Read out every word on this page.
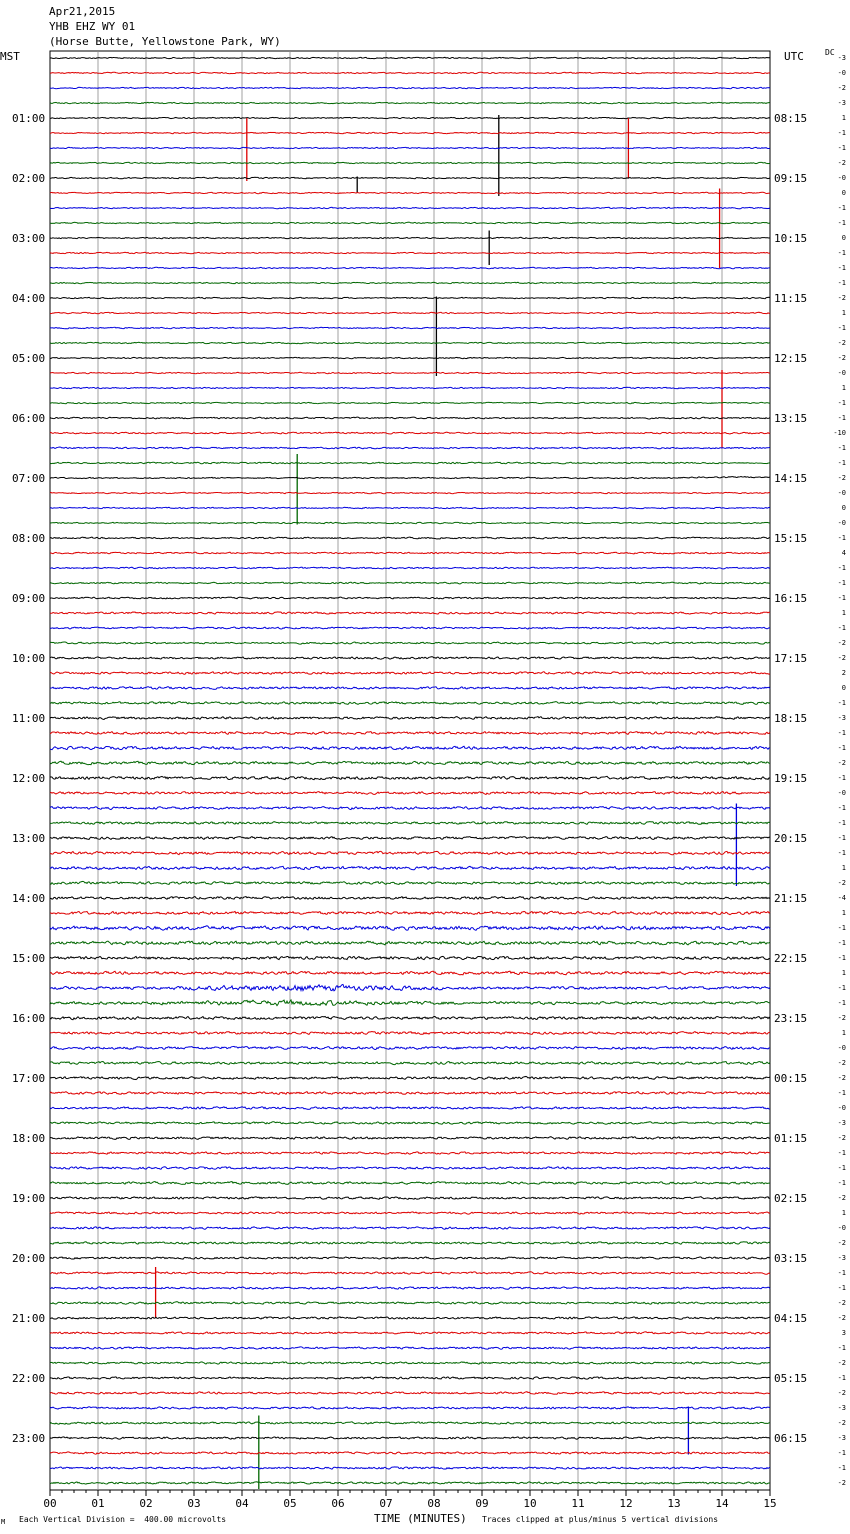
01:00
02:00
03:00
04:00
05:00
06:00
07:00
08:00
09:00
10:00
11:00
12:00
13:00
14:00
15:00
16:00
17:00
18:00
19:00
20:00
21:00
22:00
23:00
08:15
09:15
10:15
11:15
12:15
13:15
14:15
15:15
16:15
17:15
18:15
19:15
20:15
21:15
22:15
23:15
00:15
01:15
02:15
03:15
04:15
05:15
06:15
-3
-0
-2
-3
1
-1
-1
-2
-0
0
-1
-1
0
-1
-1
-1
-2
1
-1
-2
-2
-0
1
-1
-1
-10
-1
-1
-2
-0
0
-0
-1
4
-1
-1
-1
1
-1
-2
-2
2
0
-1
-3
-1
-1
-2
-1
-0
-1
-1
-1
-1
1
-2
-4
1
-1
-1
-1
1
-1
-1
-2
1
-0
-2
-2
-1
-0
-3
-2
-1
-1
-1
-2
1
-0
-2
-3
-1
-1
-2
-2
3
-1
-2
-1
-2
-3
-2
-3
-1
-1
-2
00	01	02	03	04	05	06	07	08	09	10	11	12	13	14	15
Apr21,2015
YHB EHZ WY 01
(Horse Butte, Yellowstone Park, WY)
MST	UTC	DC
M Each Vertical Division =  400.00 microvolts	TIME (MINUTES) Traces clipped at plus/minus 5 vertical divisions
